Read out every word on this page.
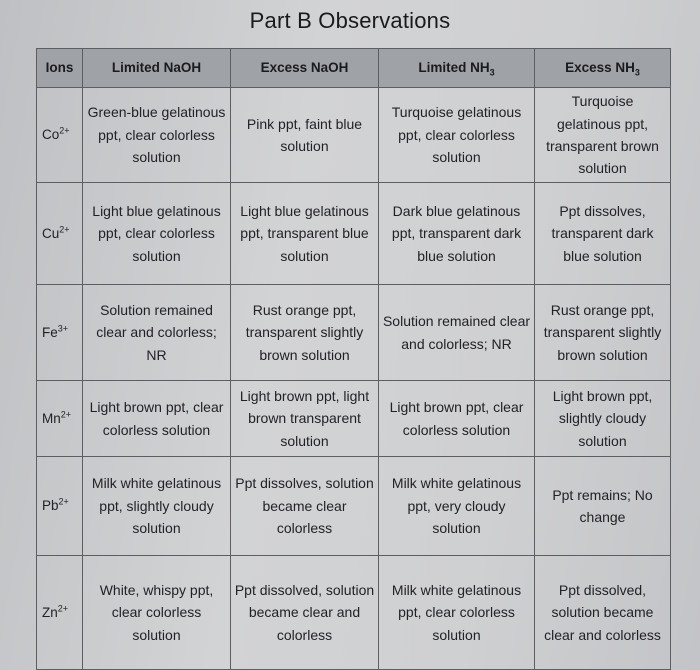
Part B Observations
Ions	Limited NaOH	Excess NaOH	Limited $NH_3$	Excess $NH_3$
$Co^{2+}$	Green-blue gelatinous ppt, clear colorless solution	Pink ppt, faint blue solution	Turquoise gelatinous ppt, clear colorless solution	Turquoise gelatinous ppt, transparent brown solution
$Cu^{2+}$	Light blue gelatinous ppt, clear colorless solution	Light blue gelatinous ppt, transparent blue solution	Dark blue gelatinous ppt, transparent dark blue solution	Ppt dissolves, transparent dark blue solution
$Fe^{3+}$	Solution remained clear and colorless; NR	Rust orange ppt, transparent slightly brown solution	Solution remained clear and colorless; NR	Rust orange ppt, transparent slightly brown solution
$Mn^{2+}$	Light brown ppt, clear colorless solution	Light brown ppt, light brown transparent solution	Light brown ppt, clear colorless solution	Light brown ppt, slightly cloudy solution
$Pb^{2+}$	Milk white gelatinous ppt, slightly cloudy solution	Ppt dissolves, solution became clear colorless	Milk white gelatinous ppt, very cloudy solution	Ppt remains; No change
$Zn^{2+}$	White, whispy ppt, clear colorless solution	Ppt dissolved, solution became clear and colorless	Milk white gelatinous ppt, clear colorless solution	Ppt dissolved, solution became clear and colorless
